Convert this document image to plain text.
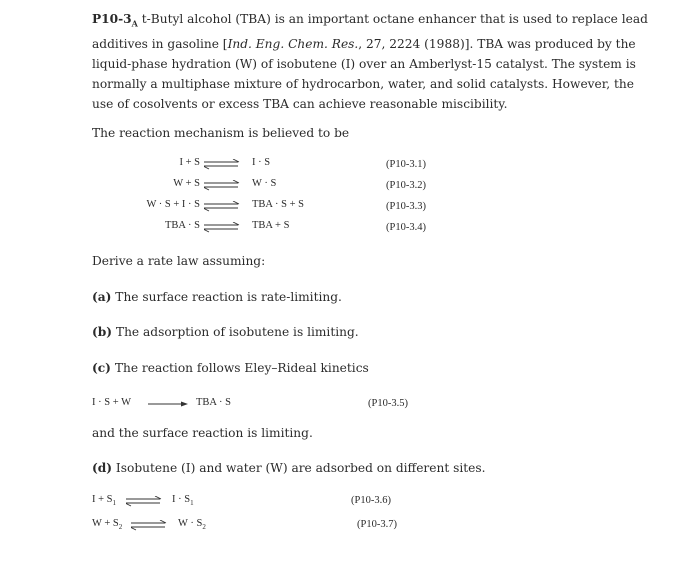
$P10-3_A$ t-Butyl alcohol (TBA) is an important octane enhancer that is used to replace lead additives in gasoline [Ind. Eng. Chem. Res., 27, 2224 (1988)]. TBA was produced by the liquid-phase hydration (W) of isobutene (I) over an Amberlyst-15 catalyst. The system is normally a multiphase mixture of hydrocarbon, water, and solid catalysts. However, the use of cosolvents or excess TBA can achieve reasonable miscibility.

The reaction mechanism is believed to be

I + S	I · S	(P10-3.1)
W + S	W · S	(P10-3.2)
W · S + I · S	TBA · S + S	(P10-3.3)
TBA · S	TBA + S	(P10-3.4)

Derive a rate law assuming:

(a) The surface reaction is rate-limiting.

(b) The adsorption of isobutene is limiting.

(c) The reaction follows Eley–Rideal kinetics

I · S + W	TBA · S	(P10-3.5)

and the surface reaction is limiting.

(d) Isobutene (I) and water (W) are adsorbed on different sites.

$I + S_1$	$I \cdot S_1$	(P10-3.6)
$W + S_2$	$W \cdot S_2$	(P10-3.7)
